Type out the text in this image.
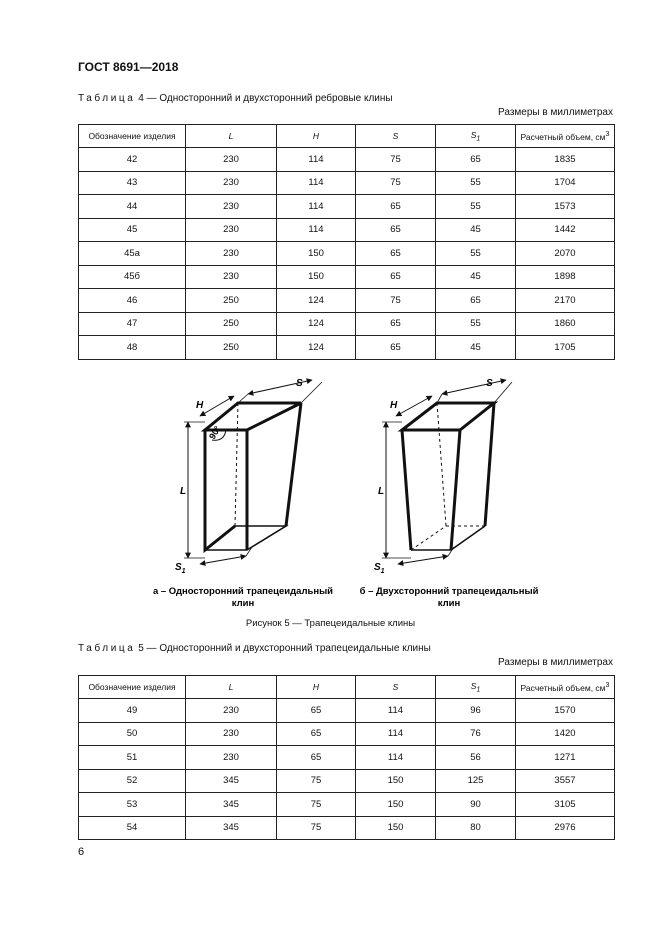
ГОСТ 8691—2018
Таблица 4 — Односторонний и двухсторонний ребровые клины
Размеры в миллиметрах
Обозначение изделия	L	H	S	$S_1$	Расчетный объем, $см^3$
42	230	114	75	65	1835
43	230	114	75	55	1704
44	230	114	65	55	1573
45	230	114	65	45	1442
45а	230	150	65	55	2070
45б	230	150	65	45	1898
46	250	124	75	65	2170
47	250	124	65	55	1860
48	250	124	65	45	1705
H
S
L
90°
$S_1$
H
S
L
$S_1$
а – Односторонний трапецеидальный
клин
б – Двухсторонний трапецеидальный
клин
Рисунок 5 — Трапецеидальные клины
Таблица 5 — Односторонний и двухсторонний трапецеидальные клины
Размеры в миллиметрах
Обозначение изделия	L	H	S	$S_1$	Расчетный объем, $см^3$
49	230	65	114	96	1570
50	230	65	114	76	1420
51	230	65	114	56	1271
52	345	75	150	125	3557
53	345	75	150	90	3105
54	345	75	150	80	2976
6
